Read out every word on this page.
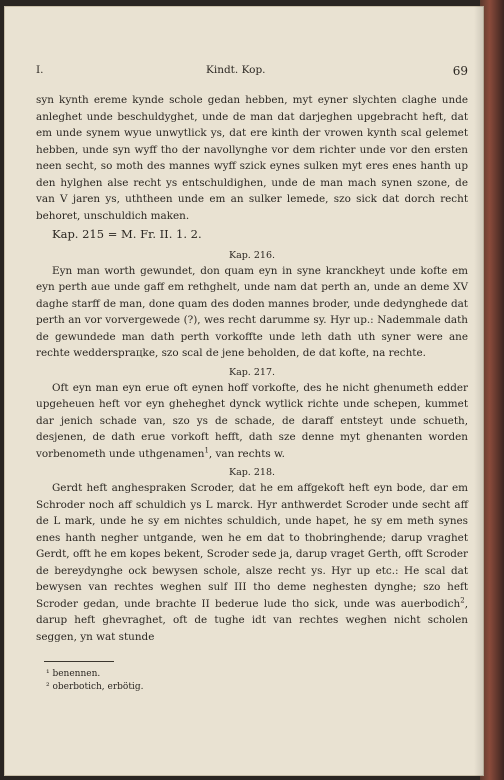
I.	Kindt. Kop.	69

syn kynth ereme kynde schole gedan hebben, myt eyner slychten claghe unde anleghet unde beschuldyghet, unde de man dat darjeghen upgebracht heft, dat em unde synem wyue unwytlick ys, dat ere kinth der vrowen kynth scal gelemet hebben, unde syn wyff tho der navollynghe vor dem richter unde vor den ersten neen secht, so moth des mannes wyff szick eynes sulken myt eres enes hanth up den hylghen alse recht ys entschuldighen, unde de man mach synen szone, de van V jaren ys, uththeen unde em an sulker lemede, szo sick dat dorch recht behoret, unschuldich maken.

Kap. 215 = M. Fr. II. 1. 2.

Kap. 216.

Eyn man worth gewundet, don quam eyn in syne kranckheyt unde kofte em eyn perth aue unde gaff em rethghelt, unde nam dat perth an, unde an deme XV daghe starff de man, done quam des doden mannes broder, unde dedynghede dat perth an vor vorvergewede (?), wes recht darumme sy. Hyr up.: Nademmale dath de gewundede man dath perth vorkoffte unde leth dath uth syner were ane rechte weddersprацke, szo scal de jene beholden, de dat kofte, na rechte.

Kap. 217.

Oft eyn man eyn erue oft eynen hoff vorkofte, des he nicht ghenumeth edder upgeheuen heft vor eyn gheheghet dynck wytlick richte unde schepen, kummet dar jenich schade van, szo ys de schade, de daraff entsteyt unde schueth, desjenen, de dath erue vorkoft hefft, dath sze denne myt ghenanten worden vorbenometh unde uthgenamen$^1$, van rechts w.

Kap. 218.

Gerdt heft anghesprаken Scroder, dat he em affgekoft heft eyn bode, dar em Schroder noch aff schuldich ys L marck. Hyr anthwerdet Scroder unde secht aff de L mark, unde he sy em nichtes schuldich, unde hapet, he sy em meth synes enes hanth negher untgande, wen he em dat to thobringhende; darup vraghet Gerdt, offt he em kopes bekent, Scroder sede ja, darup vraget Gerth, offt Scroder de bereydynghe ock bewysen schole, alsze recht ys. Hyr up etc.: He scal dat bewysen van rechtes weghen sulf III tho deme neghesten dynghe; szo heft Scroder gedan, unde brachte II bederue lude tho sick, unde was auerbodich$^2$, darup heft ghevraghet, oft de tughe idt van rechtes weghen nicht scholen seggen, yn wat stunde

¹ benennen.

² oberbotich, erbötig.
